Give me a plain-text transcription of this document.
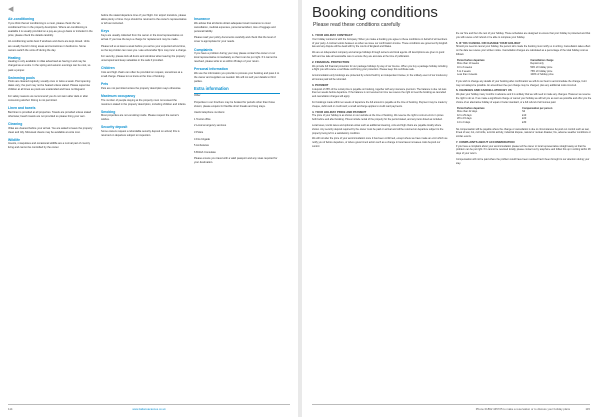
◀
Air-conditioning

If you think that air conditioning is a must, please check the 'air-conditioned' box in the property description. Where air-conditioning is available it is usually provided on a pay-as-you-go basis or included in the price; please check the details carefully.

Air-conditioning works best if windows and doors are kept closed. Units are usually found in living areas and sometimes in bedrooms. Some owners switch the units off during the day.

Heating

Heating is only available in villas advertised as having it and may be charged as an extra. In the spring and autumn evenings can be cool, so pack a jumper.

Swimming pools

Pools are cleaned regularly, usually once or twice a week. Pool opening dates vary; the pool may not be heated unless stated. Please supervise children at all times as pools are unattended and have no lifeguard.

For safety reasons we recommend you do not swim after dark or after consuming alcohol. Diving is not permitted.

Linen and towels

Bed linen is provided at all properties. Towels are provided unless stated otherwise; beach towels are not provided so please bring your own.

Cleaning

Villas are cleaned before your arrival. You are asked to leave the property clean and tidy. Mid-week cleans may be available at extra cost.

Wildlife

Insects, mosquitoes and occasional wildlife are a normal part of country living and cannot be controlled by the owner.

before the stated departure time of your flight. For airport transfers, please allow plenty of time. Keys should be returned to the owner's representative or left as instructed.

Keys

Keys are usually collected from the owner or the local representative on arrival. If you lose the keys a charge for replacement may be made.

Please tell us at least a week before you arrive your expected arrival time, so the key-holder can meet you. Late arrival after 8pm may incur a charge.

For security, please lock all doors and windows when leaving the property unoccupied and keep valuables in the safe if provided.

Children

Cots and high chairs can often be provided on request, sometimes at a small charge. Please let us know at the time of booking.

Pets

Pets are not permitted unless the property description says otherwise.

Maximum occupancy

The number of people staying at the property must not exceed the maximum stated in the property description, including children and infants.

Smoking

Most properties are non-smoking inside. Please respect the owner's wishes.

Security deposit

Some owners request a refundable security deposit on arrival; this is returned on departure subject to inspection.

Insurance

We advise that all clients obtain adequate travel insurance to cover cancellation, medical expenses, personal accident, loss of luggage and personal liability.

Please read your policy documents carefully and check that the level of cover is appropriate for your needs.

Complaints

If you have a problem during your stay please contact the owner or our local representative immediately so that it can be put right. If it cannot be resolved, please write to us within 28 days of your return.

Personal information

We use the information you provide to process your booking and pass it to the owner and suppliers as needed. We will not sell your details to third parties.

Extra information

Other

Properties in our brochure may be booked for periods other than those shown; please enquire for flexible short breaks and long stays.

Useful telephone numbers:

1 Tourist office

2 Local emergency services

3 Police

4 Fire brigade

5 Ambulance

6 British Consulate

Please ensure you travel with a valid passport and any visas required for your destination.

114	www.italianvacances.co.uk
Booking conditions
Please read these conditions carefully
1. YOUR HOLIDAY CONTRACT

Your holiday contract is with the Company. When you make a booking you agree to these conditions on behalf of all members of your party. A contract exists between us when we issue our confirmation invoice. These conditions are governed by English law and any dispute will be dealt with by the courts of England and Wales.

We are an independent company and arrange holidays through owners and local agents. All descriptions are given in good faith and we take all reasonable care to ensure they are accurate at the time of publication.

2. FINANCIAL PROTECTION

We provide full financial protection for our package holidays by way of our licence. When you buy a package holiday including a flight you will receive a certificate confirming your protection. Please keep this certificate safe.

Accommodation-only bookings are protected by a bond held by an independent trustee; in the unlikely event of our insolvency all monies paid will be refunded.

3. PAYMENT

A deposit of 25% of the rental price is payable on booking, together with any insurance premium. The balance is due not less than ten weeks before departure. If the balance is not received on time we reserve the right to treat the booking as cancelled and cancellation charges will apply.

For bookings made within ten weeks of departure the full amount is payable at the time of booking. Payment may be made by cheque, debit card or credit card; a small surcharge applies to credit card payments.

4. YOUR HOLIDAY PRICE AND PAYMENT

The price of your holiday is as shown on our website at the time of booking. We reserve the right to correct errors in prices both before and after booking. Prices include rental of the property for the period stated, and any items listed as included.

Local taxes, tourist taxes and optional extras such as additional cleaning, cots and high chairs are payable locally where shown. Any security deposit required by the owner must be paid on arrival and will be returned on departure subject to the property being left in a satisfactory condition.

We will not alter the price of your accommodation once it has been confirmed, except where we have made an error which we notify you of before departure, or where government action such as a change in local taxes increases costs beyond our control.

the car hire and then the rest of your holiday. These schedules are designed to ensure that your holiday is protected and that you will receive a full refund or be able to complete your holiday.

5. IF YOU CANCEL OR CHANGE YOUR HOLIDAY

Should you need to cancel your holiday, the person who made the booking must notify us in writing. Cancellation takes effect on the date we receive your written notice. Cancellation charges are calculated as a percentage of the total holiday cost as follows:

Period before departure	Cancellation charge
More than 10 weeks	Deposit only
10 to 6 weeks	50% of holiday price
6 to 4 weeks	75% of holiday price
Less than 4 weeks	100% of holiday price

If you wish to change any details of your booking after confirmation we will do our best to accommodate the change, but it may not always be possible. An amendment fee per change may be charged, plus any additional costs incurred.

6. CHANGES AND CANCELLATION BY US

We plan your holiday many months in advance and it is unlikely that we will need to make any changes. However we reserve the right to do so. If we make a significant change or cancel your holiday we will tell you as soon as possible and offer you the choice of an alternative holiday of equal or better standard, or a full refund of all monies paid.

Period before departure	Compensation per person
More than 42 days	Nil
42 to 29 days	£10
28 to 15 days	£20
14 to 0 days	£30

No compensation will be payable where the change or cancellation is due to circumstances beyond our control such as war, threat of war, riot, civil strife, terrorist activity, industrial dispute, natural or nuclear disaster, fire, adverse weather conditions or similar events.

7. COMPLAINTS ABOUT ACCOMMODATION

If you have a complaint about your accommodation please tell the owner or local representative straight away so that the problem can be put right. If it cannot be resolved locally, please contact us by telephone and follow this up in writing within 28 days of your return.

Compensation will not be paid where the problem could have been resolved had it been brought to our attention during your stay.

Phone 01892 445725 to make a reservation or to discuss your holiday plans	115
